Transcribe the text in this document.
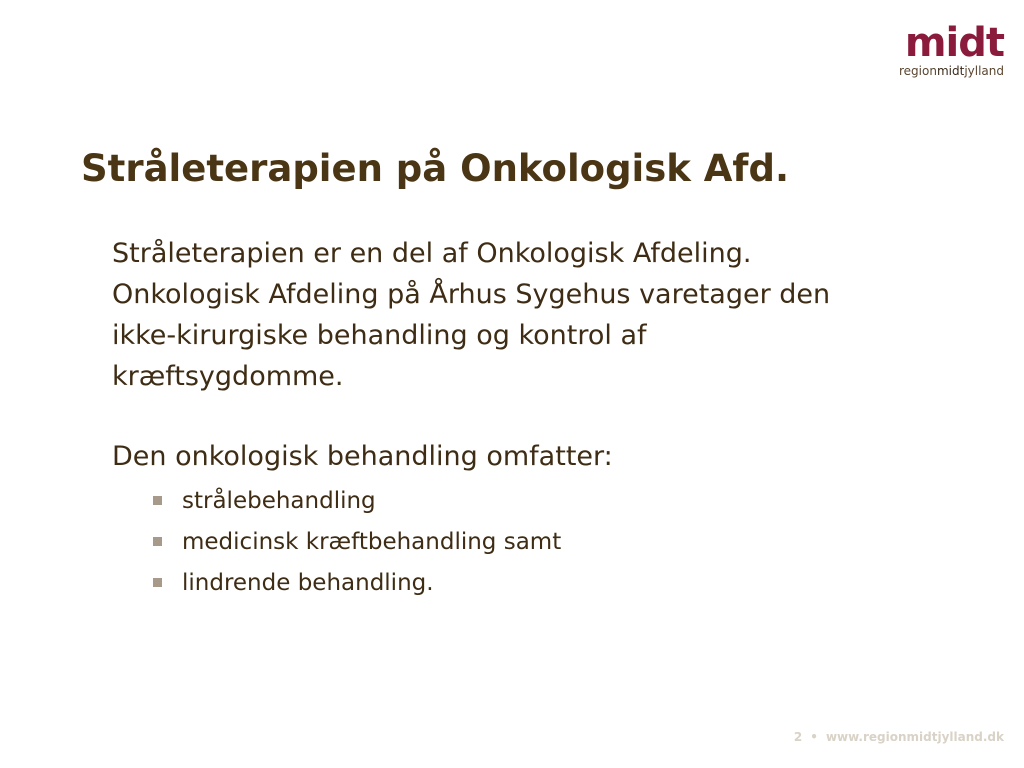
midt
regionmidtjylland
Stråleterapien på Onkologisk Afd.

Stråleterapien er en del af Onkologisk Afdeling. Onkologisk Afdeling på Århus Sygehus varetager den ikke-kirurgiske behandling og kontrol af kræftsygdomme.

Den onkologisk behandling omfatter:

strålebehandling
medicinsk kræftbehandling samt
lindrende behandling.
2 • www.regionmidtjylland.dk
